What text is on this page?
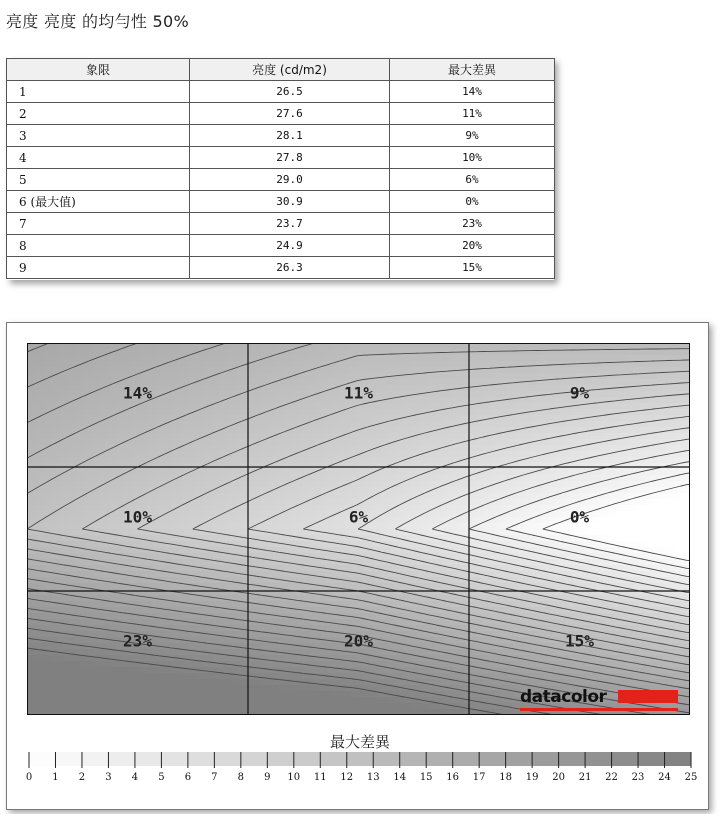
亮度 亮度 的均勻性 50%
象限	亮度 (cd/m2)	最大差異
1	26.5	14%
2	27.6	11%
3	28.1	9%
4	27.8	10%
5	29.0	6%
6 (最大值)	30.9	0%
7	23.7	23%
8	24.9	20%
9	26.3	15%
14%	11%	9%
10%	6%	0%
23%	20%	15%
datacolor
最大差異
0 1 2 3 4 5 6 7 8 9 10 11 12 13 14 15 16 17 18 19 20 21 22 23 24 25
